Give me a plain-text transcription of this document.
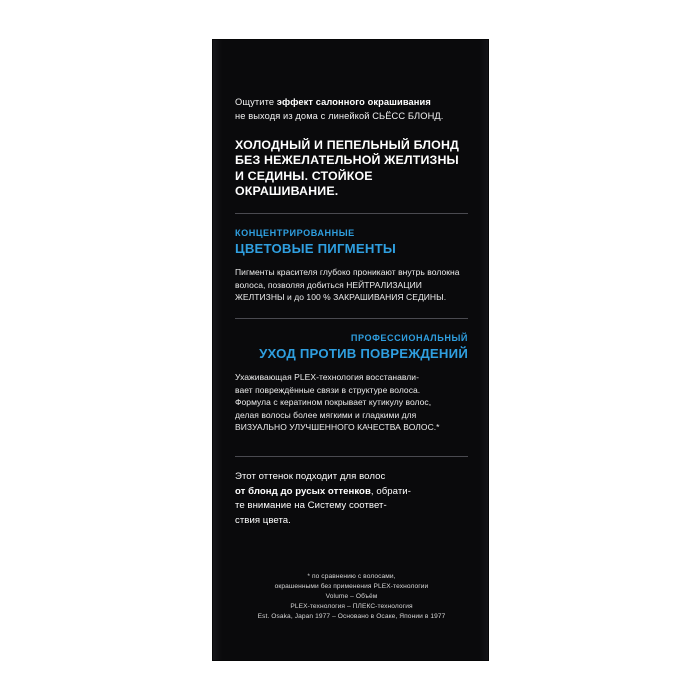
Ощутите эффект салонного окрашивания
не выходя из дома с линейкой СЬЁСС БЛОНД.
ХОЛОДНЫЙ И ПЕПЕЛЬНЫЙ БЛОНД БЕЗ НЕЖЕЛАТЕЛЬНОЙ ЖЕЛТИЗНЫ И СЕДИНЫ. СТОЙКОЕ ОКРАШИВАНИЕ.
КОНЦЕНТРИРОВАННЫЕ
ЦВЕТОВЫЕ ПИГМЕНТЫ
Пигменты красителя глубоко проникают внутрь волокна
волоса, позволяя добиться НЕЙТРАЛИЗАЦИИ
ЖЕЛТИЗНЫ и до 100 % ЗАКРАШИВАНИЯ СЕДИНЫ.
ПРОФЕССИОНАЛЬНЫЙ
УХОД ПРОТИВ ПОВРЕЖДЕНИЙ
Ухаживающая PLEX-технология восстанавли-
вает повреждённые связи в структуре волоса.
Формула с кератином покрывает кутикулу волос,
делая волосы более мягкими и гладкими для
ВИЗУАЛЬНО УЛУЧШЕННОГО КАЧЕСТВА ВОЛОС.*
Этот оттенок подходит для волос
от блонд до русых оттенков, обрати-
те внимание на Систему соответ-
ствия цвета.
* по сравнению с волосами,
окрашенными без применения PLEX-технологии
Volume – Объём
PLEX-технология – ПЛЕКС-технология
Est. Osaka, Japan 1977 – Основано в Осаке, Японии в 1977
